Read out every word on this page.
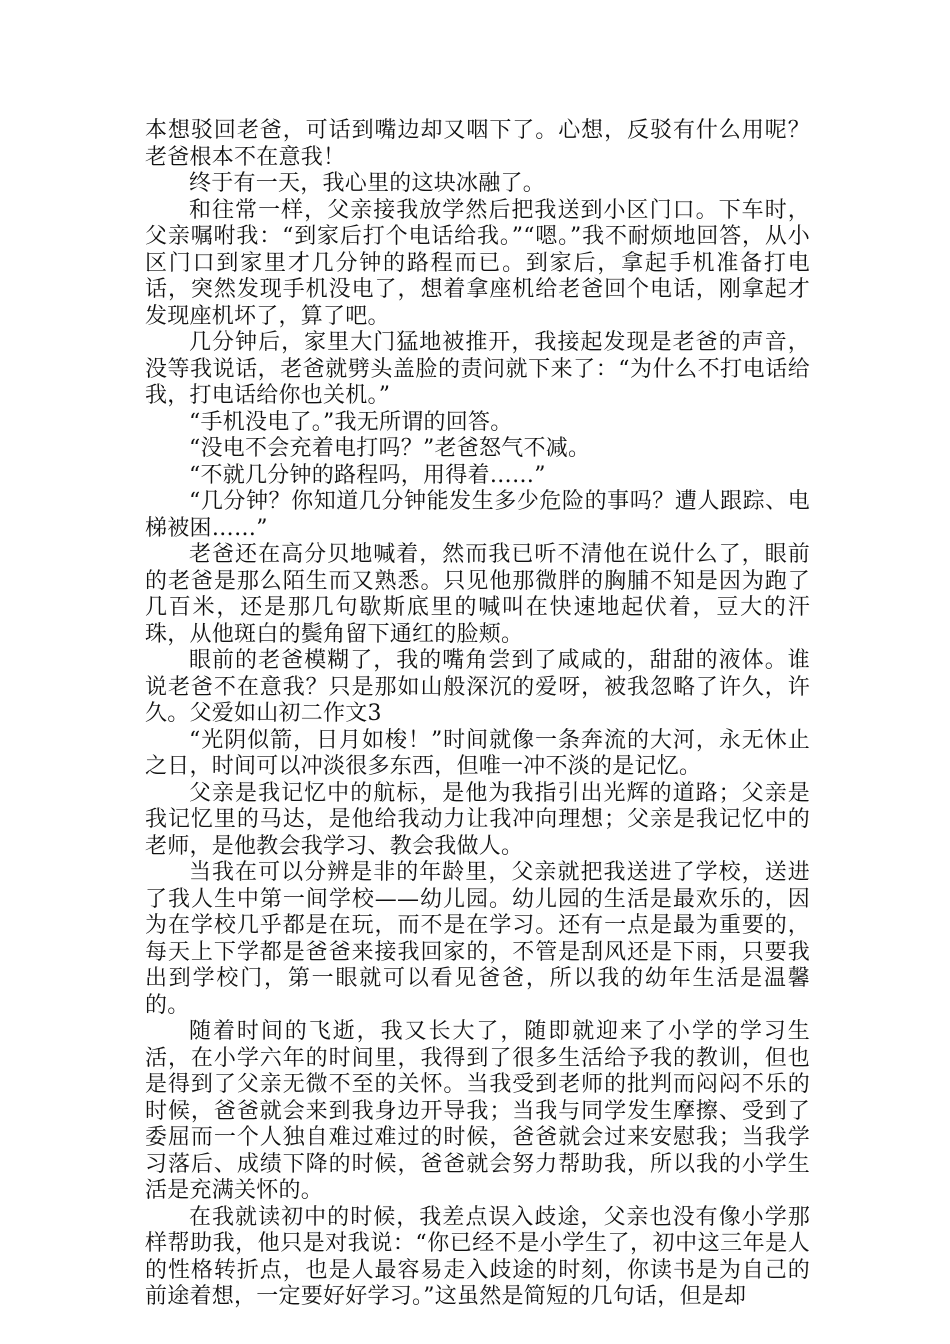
本想驳回老爸，可话到嘴边却又咽下了。心想，反驳有什么用呢？老爸根本不在意我！

终于有一天，我心里的这块冰融了。

和往常一样，父亲接我放学然后把我送到小区门口。下车时，父亲嘱咐我：“到家后打个电话给我。”“嗯。”我不耐烦地回答，从小区门口到家里才几分钟的路程而已。到家后，拿起手机准备打电话，突然发现手机没电了，想着拿座机给老爸回个电话，刚拿起才发现座机坏了，算了吧。

几分钟后，家里大门猛地被推开，我接起发现是老爸的声音，没等我说话，老爸就劈头盖脸的责问就下来了：“为什么不打电话给我，打电话给你也关机。”

“手机没电了。”我无所谓的回答。

“没电不会充着电打吗？”老爸怒气不减。

“不就几分钟的路程吗，用得着……”

“几分钟？你知道几分钟能发生多少危险的事吗？遭人跟踪、电梯被困……”

老爸还在高分贝地喊着，然而我已听不清他在说什么了，眼前的老爸是那么陌生而又熟悉。只见他那微胖的胸脯不知是因为跑了几百米，还是那几句歇斯底里的喊叫在快速地起伏着，豆大的汗珠，从他斑白的鬓角留下通红的脸颊。

眼前的老爸模糊了，我的嘴角尝到了咸咸的，甜甜的液体。谁说老爸不在意我？只是那如山般深沉的爱呀，被我忽略了许久，许久。父爱如山初二作文3

“光阴似箭，日月如梭！”时间就像一条奔流的大河，永无休止之日，时间可以冲淡很多东西，但唯一冲不淡的是记忆。

父亲是我记忆中的航标，是他为我指引出光辉的道路；父亲是我记忆里的马达，是他给我动力让我冲向理想；父亲是我记忆中的老师，是他教会我学习、教会我做人。

当我在可以分辨是非的年龄里，父亲就把我送进了学校，送进了我人生中第一间学校——幼儿园。幼儿园的生活是最欢乐的，因为在学校几乎都是在玩，而不是在学习。还有一点是最为重要的，每天上下学都是爸爸来接我回家的，不管是刮风还是下雨，只要我出到学校门，第一眼就可以看见爸爸，所以我的幼年生活是温馨的。

随着时间的飞逝，我又长大了，随即就迎来了小学的学习生活，在小学六年的时间里，我得到了很多生活给予我的教训，但也是得到了父亲无微不至的关怀。当我受到老师的批判而闷闷不乐的时候，爸爸就会来到我身边开导我；当我与同学发生摩擦、受到了委屈而一个人独自难过难过的时候，爸爸就会过来安慰我；当我学习落后、成绩下降的时候，爸爸就会努力帮助我，所以我的小学生活是充满关怀的。

在我就读初中的时候，我差点误入歧途，父亲也没有像小学那样帮助我，他只是对我说：“你已经不是小学生了，初中这三年是人的性格转折点，也是人最容易走入歧途的时刻，你读书是为自己的前途着想，一定要好好学习。”这虽然是简短的几句话，但是却
